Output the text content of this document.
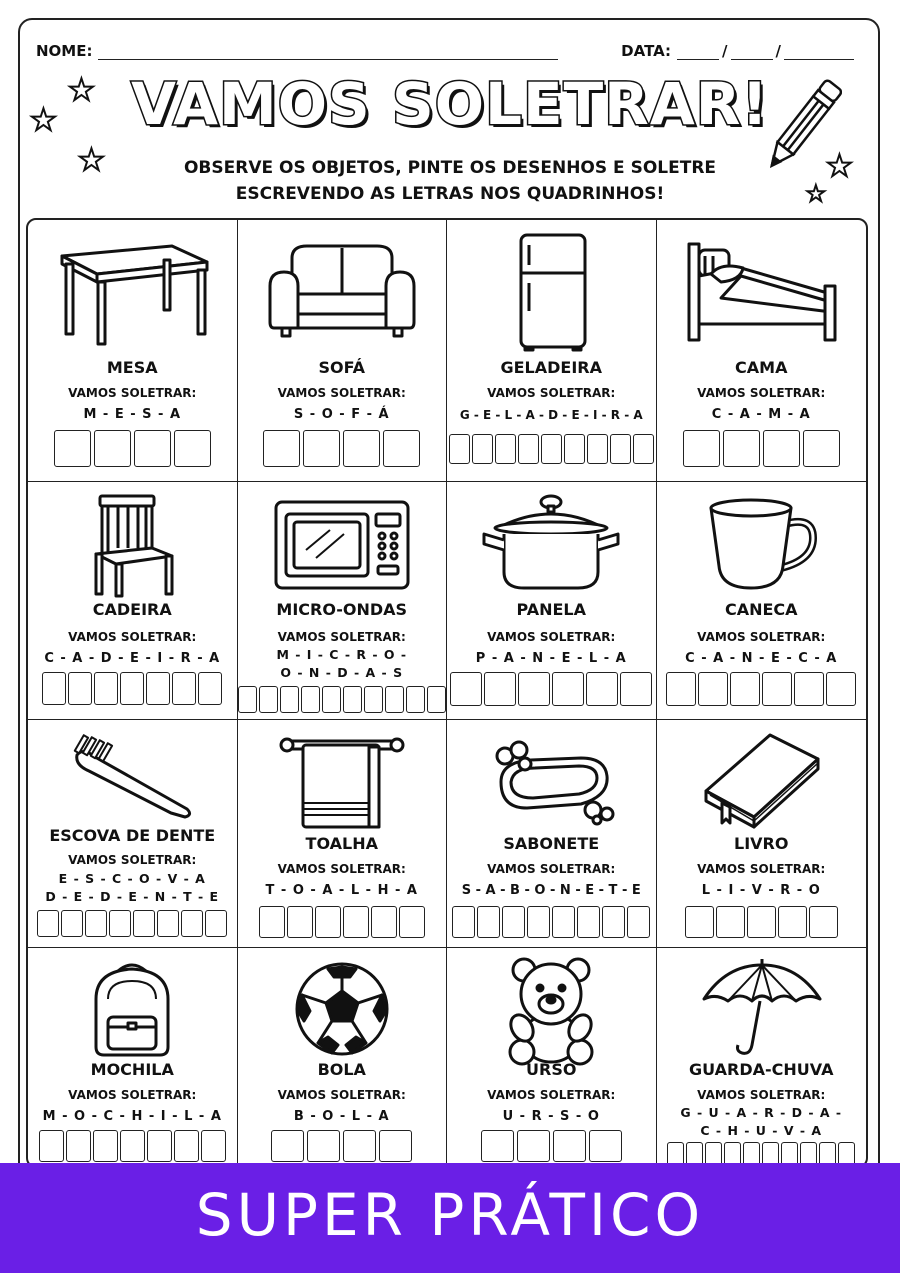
NOME:	DATA:	/	/
★
★
★	★
★
VAMOS SOLETRAR!
OBSERVE OS OBJETOS, PINTE OS DESENHOS E SOLETRE
ESCREVENDO AS LETRAS NOS QUADRINHOS!
MESA
VAMOS SOLETRAR:
M - E - S - A
SOFÁ
VAMOS SOLETRAR:
S - O - F - Á
GELADEIRA
VAMOS SOLETRAR:
G - E - L - A - D - E - I - R - A
CAMA
VAMOS SOLETRAR:
C - A - M - A
CADEIRA
VAMOS SOLETRAR:
C - A - D - E - I - R - A
MICRO-ONDAS
VAMOS SOLETRAR:
M - I - C - R - O -
O - N - D - A - S
PANELA
VAMOS SOLETRAR:
P - A - N - E - L - A
CANECA
VAMOS SOLETRAR:
C - A - N - E - C - A
ESCOVA DE DENTE
VAMOS SOLETRAR:
E - S - C - O - V - A
D - E - D - E - N - T - E
TOALHA
VAMOS SOLETRAR:
T - O - A - L - H - A
SABONETE
VAMOS SOLETRAR:
S - A - B - O - N - E - T - E
LIVRO
VAMOS SOLETRAR:
L - I - V - R - O
MOCHILA
VAMOS SOLETRAR:
M - O - C - H - I - L - A
BOLA
VAMOS SOLETRAR:
B - O - L - A
URSO
VAMOS SOLETRAR:
U - R - S - O
GUARDA-CHUVA
VAMOS SOLETRAR:
G - U - A - R - D - A -
C - H - U - V - A
SUPER PRÁTICO
